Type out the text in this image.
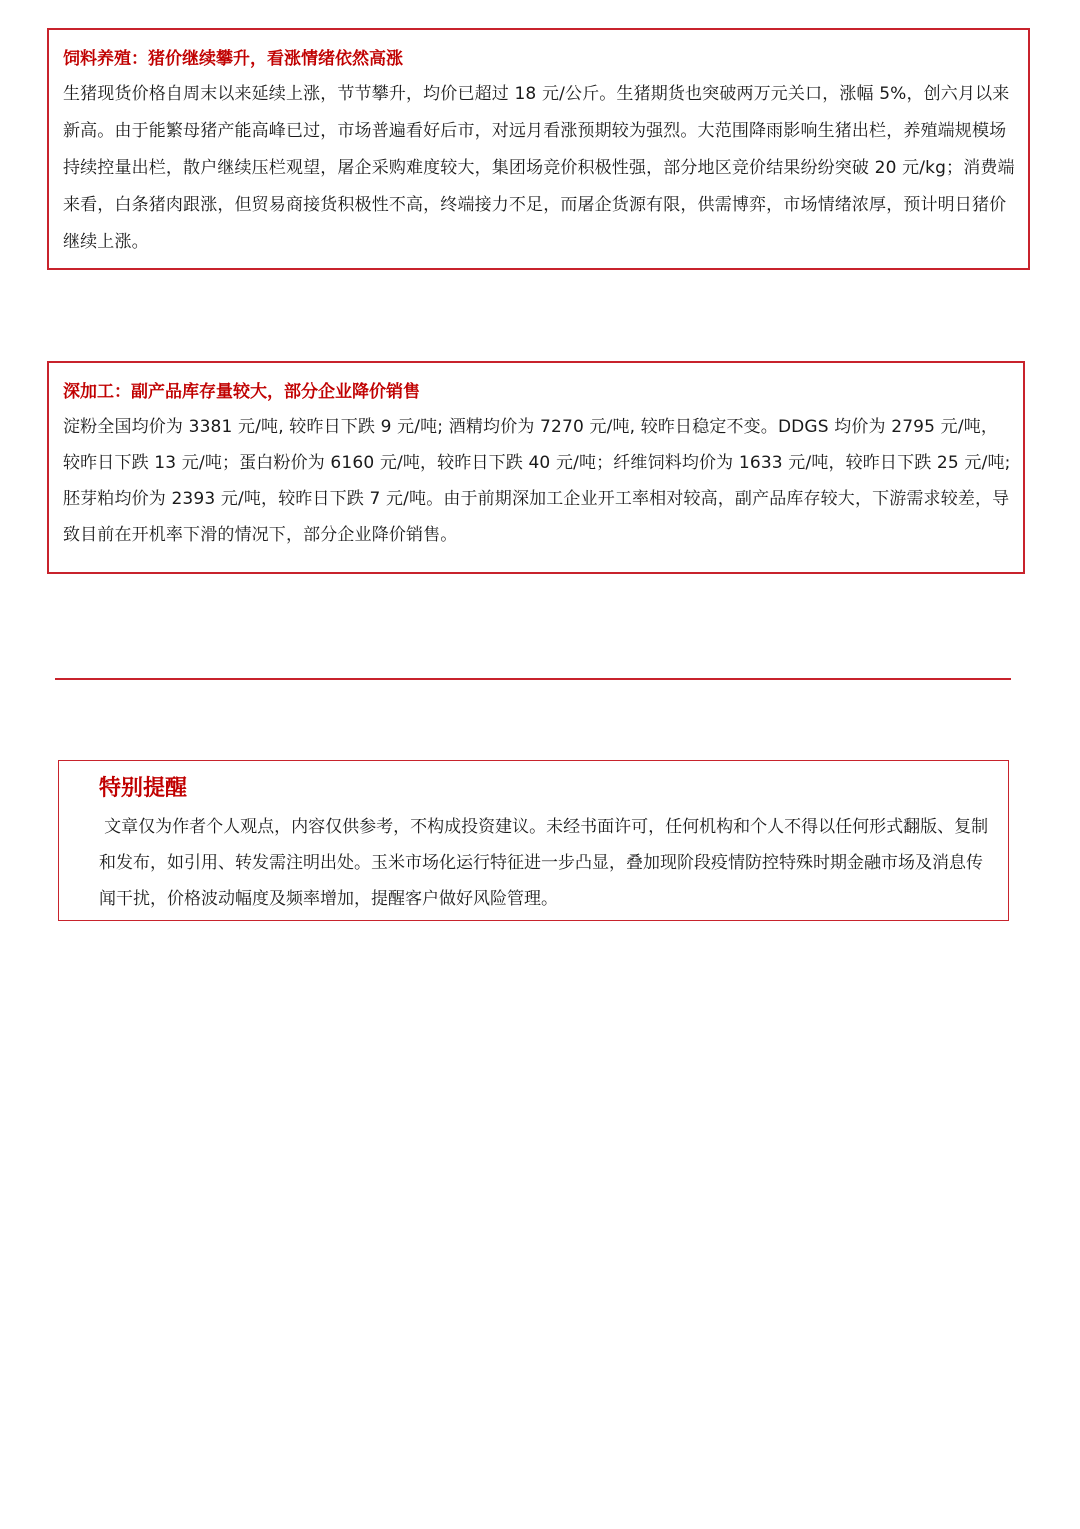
饲料养殖：猪价继续攀升，看涨情绪依然高涨

生猪现货价格自周末以来延续上涨，节节攀升，均价已超过 18 元/公斤。生猪期货也突破两万元关口，涨幅 5%，创六月以来新高。由于能繁母猪产能高峰已过，市场普遍看好后市，对远月看涨预期较为强烈。大范围降雨影响生猪出栏，养殖端规模场持续控量出栏，散户继续压栏观望，屠企采购难度较大，集团场竞价积极性强，部分地区竞价结果纷纷突破 20 元/kg；消费端来看，白条猪肉跟涨，但贸易商接货积极性不高，终端接力不足，而屠企货源有限，供需博弈，市场情绪浓厚，预计明日猪价继续上涨。

深加工：副产品库存量较大，部分企业降价销售

淀粉全国均价为 3381 元/吨, 较昨日下跌 9 元/吨; 酒精均价为 7270 元/吨, 较昨日稳定不变。DDGS 均价为 2795 元/吨，较昨日下跌 13 元/吨；蛋白粉价为 6160 元/吨，较昨日下跌 40 元/吨；纤维饲料均价为 1633 元/吨，较昨日下跌 25 元/吨;胚芽粕均价为 2393 元/吨，较昨日下跌 7 元/吨。由于前期深加工企业开工率相对较高，副产品库存较大，下游需求较差，导致目前在开机率下滑的情况下，部分企业降价销售。

特别提醒

文章仅为作者个人观点，内容仅供参考，不构成投资建议。未经书面许可，任何机构和个人不得以任何形式翻版、复制和发布，如引用、转发需注明出处。玉米市场化运行特征进一步凸显，叠加现阶段疫情防控特殊时期金融市场及消息传闻干扰，价格波动幅度及频率增加，提醒客户做好风险管理。
